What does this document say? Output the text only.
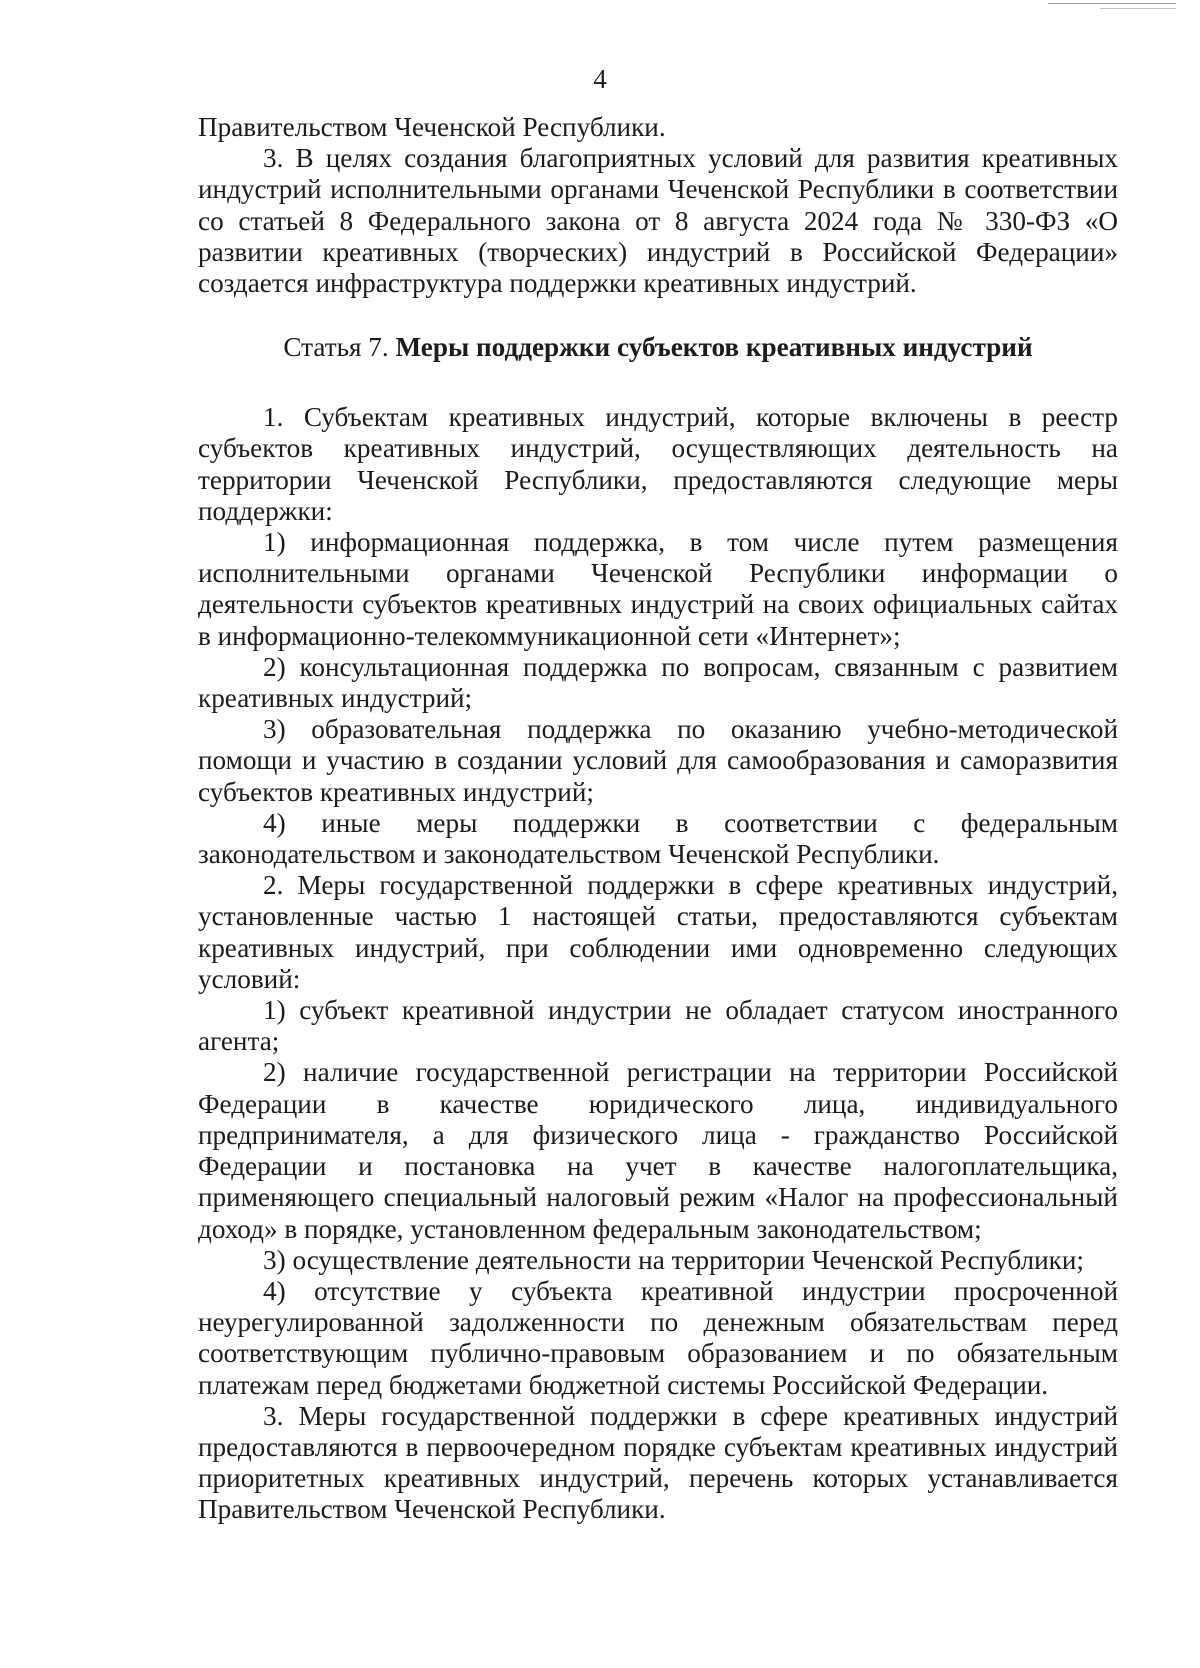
4

Правительством Чеченской Республики.

3. В целях создания благоприятных условий для развития креативных индустрий исполнительными органами Чеченской Республики в соответствии со статьей 8 Федерального закона от 8 августа 2024 года № 330-ФЗ «О развитии креативных (творческих) индустрий в Российской Федерации» создается инфраструктура поддержки креативных индустрий.

Статья 7. Меры поддержки субъектов креативных индустрий

1. Субъектам креативных индустрий, которые включены в реестр субъектов креативных индустрий, осуществляющих деятельность на территории Чеченской Республики, предоставляются следующие меры поддержки:

1) информационная поддержка, в том числе путем размещения исполнительными органами Чеченской Республики информации о деятельности субъектов креативных индустрий на своих официальных сайтах в информационно-телекоммуникационной сети «Интернет»;

2) консультационная поддержка по вопросам, связанным с развитием креативных индустрий;

3) образовательная поддержка по оказанию учебно-методической помощи и участию в создании условий для самообразования и саморазвития субъектов креативных индустрий;

4) иные меры поддержки в соответствии с федеральным законодательством и законодательством Чеченской Республики.

2. Меры государственной поддержки в сфере креативных индустрий, установленные частью 1 настоящей статьи, предоставляются субъектам креативных индустрий, при соблюдении ими одновременно следующих условий:

1) субъект креативной индустрии не обладает статусом иностранного агента;

2) наличие государственной регистрации на территории Российской Федерации в качестве юридического лица, индивидуального предпринимателя, а для физического лица - гражданство Российской Федерации и постановка на учет в качестве налогоплательщика, применяющего специальный налоговый режим «Налог на профессиональный доход» в порядке, установленном федеральным законодательством;

3) осуществление деятельности на территории Чеченской Республики;

4) отсутствие у субъекта креативной индустрии просроченной неурегулированной задолженности по денежным обязательствам перед соответствующим публично-правовым образованием и по обязательным платежам перед бюджетами бюджетной системы Российской Федерации.

3. Меры государственной поддержки в сфере креативных индустрий предоставляются в первоочередном порядке субъектам креативных индустрий приоритетных креативных индустрий, перечень которых устанавливается Правительством Чеченской Республики.
